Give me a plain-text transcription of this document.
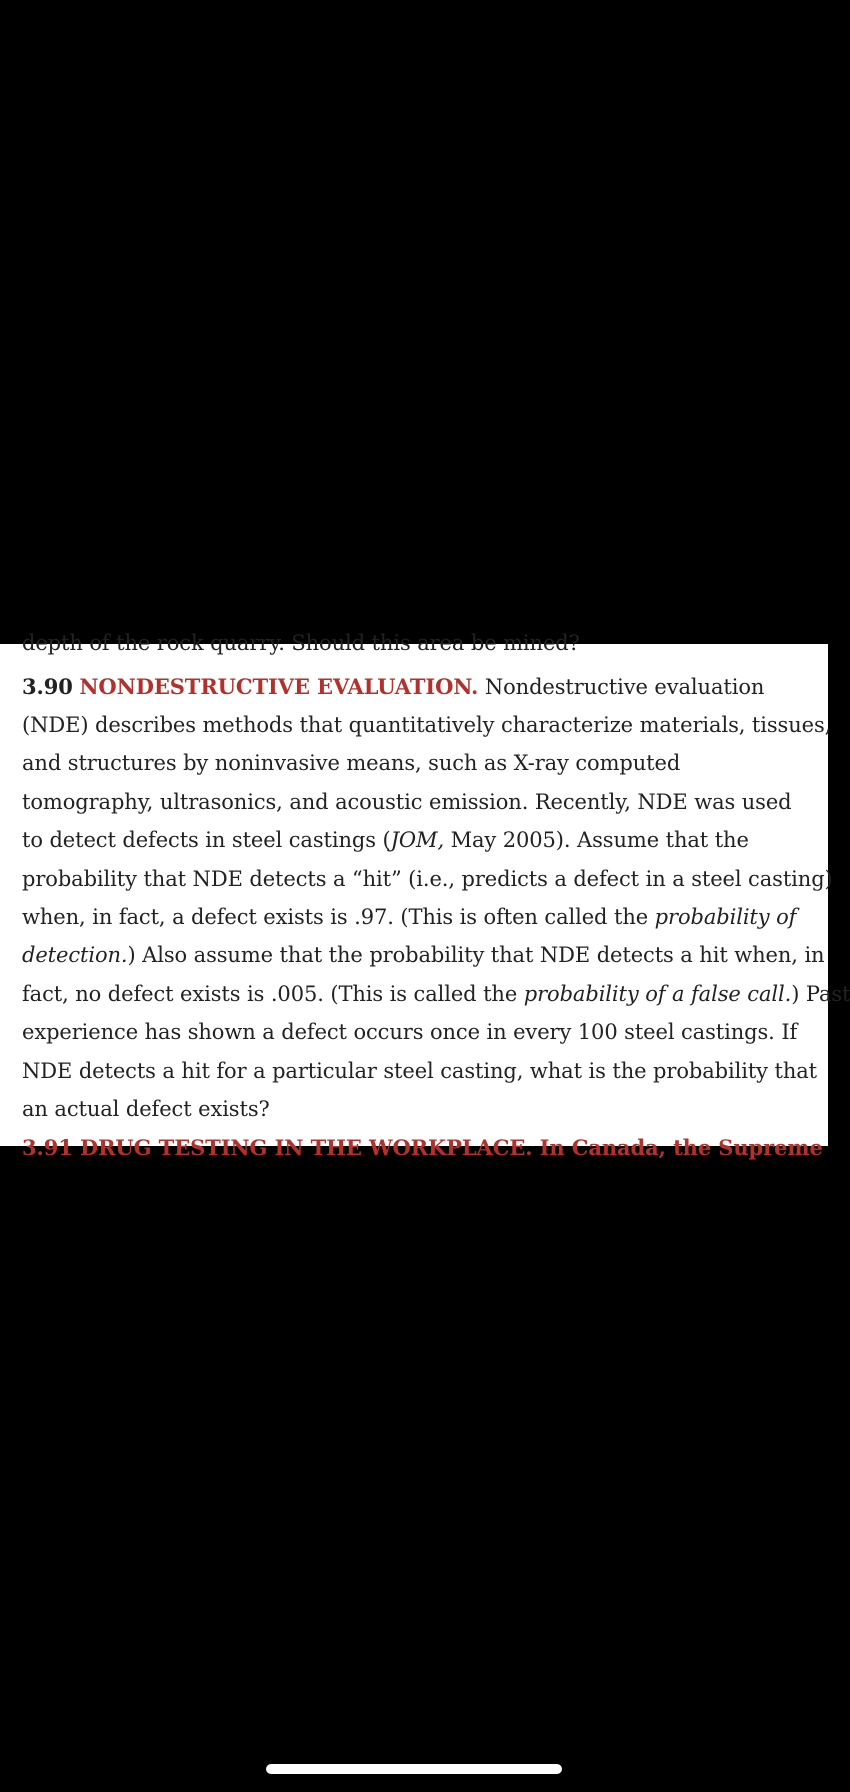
depth of the rock quarry. Should this area be mined?
3.90 NONDESTRUCTIVE EVALUATION. Nondestructive evaluation
(NDE) describes methods that quantitatively characterize materials, tissues,
and structures by noninvasive means, such as X-ray computed
tomography, ultrasonics, and acoustic emission. Recently, NDE was used
to detect defects in steel castings (JOM, May 2005). Assume that the
probability that NDE detects a “hit” (i.e., predicts a defect in a steel casting)
when, in fact, a defect exists is .97. (This is often called the probability of
detection.) Also assume that the probability that NDE detects a hit when, in
fact, no defect exists is .005. (This is called the probability of a false call.) Past
experience has shown a defect occurs once in every 100 steel castings. If
NDE detects a hit for a particular steel casting, what is the probability that
an actual defect exists?
3.91 DRUG TESTING IN THE WORKPLACE. In Canada, the Supreme
